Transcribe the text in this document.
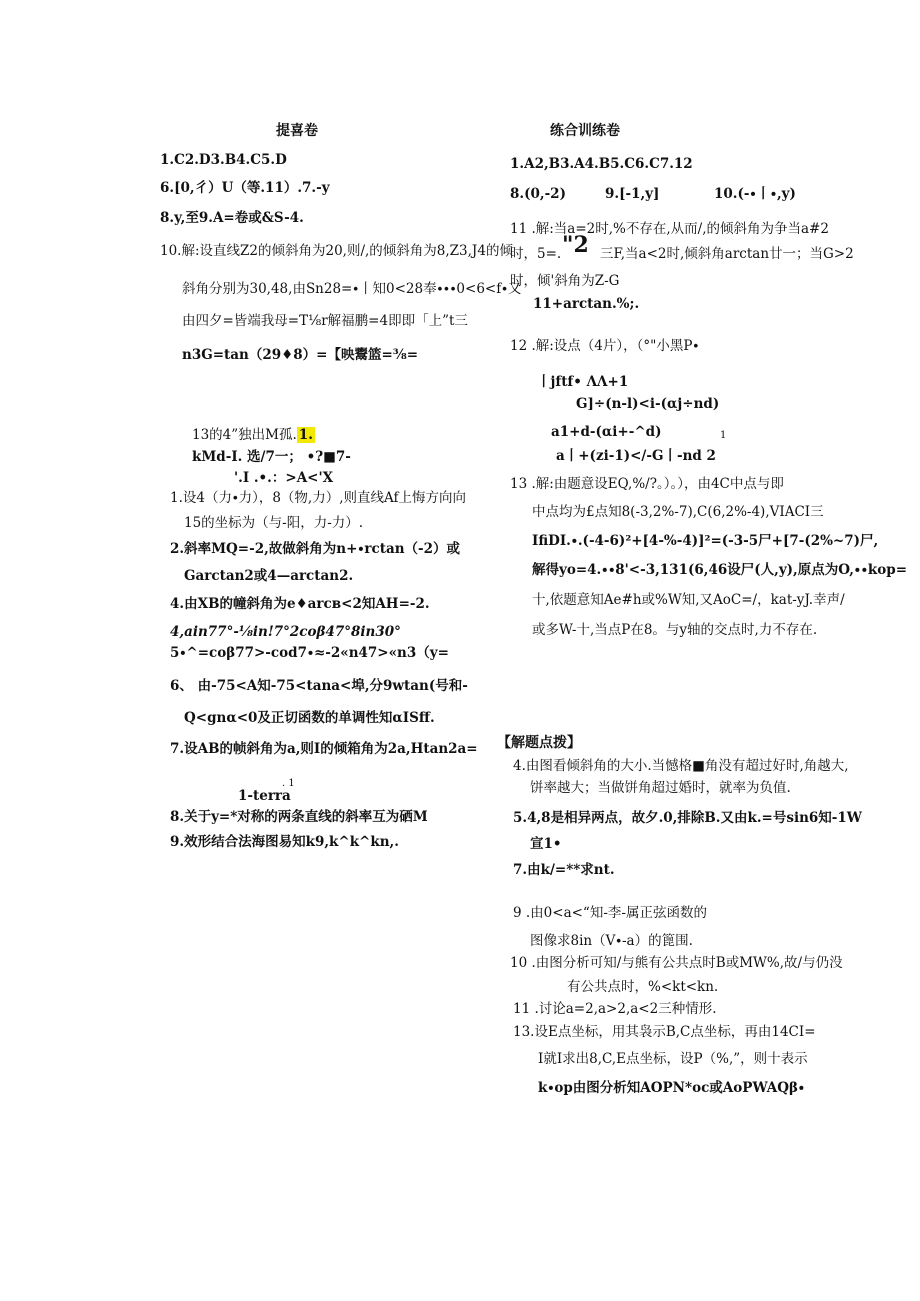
提喜卷
1.C2.D3.B4.C5.D
6.[0,彳）U（等.11）.7.-y
8.y,至9.A=卷或&S-4.
10.解:设直线Z2的倾斜角为20,则/,的倾斜角为8,Z3,J4的倾
斜角分别为30,48,由Sn28=∙丨知0<28奉∙∙∙0<6<f∙又
由四夕=皆端我母=T⅛r解福鹏=4即即「上”t三
n3G=tan（29♦8）=【映鬻篮=⅜=
13的4”独出M孤. 1.
kMd-I. 选/7一； •?■7-
'.I .•.：>A<'X
1.设4（力∙力），8（物,力）,则直线Af上悔方向向
15的坐标为（与-阳，力-力）.
2.斜率MQ=-2,故做斜角为n+∙rctan（-2）或
Garctan2或4—arctan2.
4.由XB的幢斜角为e♦arcв<2知AH=-2.
4,ain77°-⅛in!7°2coβ47°8in30°
5∙^=coβ77>-cod7∙≈-2«n47>«n3（y=
6、 由-75<A知-75<tana<埠,分9wtan(号和-
Q<gnα<0及正切函数的单调性知αISff.
7.设AB的帧斜角为a,则I的倾箱角为2a,Htan2a=
. 1
1-terra
8.关于y=*对称的两条直线的斜率互为硒M
9.效形结合法海图易知k9,k^k^kn,.
练合训练卷
1.A2,B3.A4.B5.C6.C7.12
8.(0,-2)	9.[-1,y]	10.(-∙丨∙,y)
11 .解:当a=2时,%不存在,从而/,的倾斜角为争当a#2
时，5=. "2 三F,当a<2时,倾斜角arctan廿一；当G>2
时，倾'斜角为Z-G
11+arctan.%;.
12 .解:设点（4片），（°"小黑P∙
丨jftf• ΛΛ+1
G]÷(n-l)<i-(αj÷nd)
a1+d-(αi+-^d)	1
a丨+(zi-1)</-G丨-nd 2
13 .解:由题意设EQ,%/?。）。），由4C中点与即
中点均为£点知8(-3,2%-7),C(6,2%-4),VIACI三
IfiDI.∙.(-4-6)²+[4-%-4)]²=(-3-5尸+[7-(2%~7)尸,
解得yo=4.∙∙8'<-3,131(6,46设尸(人,y),原点为O,∙∙kop=
十,依题意知Ae#h或%W知,又AoC=/，kat-yJ.幸声/
或多W-十,当点P在8。与y轴的交点时,力不存在.
【解题点拨】
4.由图看倾斜角的大小.当憾格■角没有超过好时,角越大,
饼率越大；当做饼角超过婚时，就率为负值.
5.4,8是相异两点，故夕.0,排除B.又由k.=号sin6知-1W
宣1•
7.由k/=**求nt.
9 .由0<a<“知-李-属正弦函数的
图像求8in（V∙-a）的篦围.
10 .由图分析可知/与熊有公共点时B或MW%,故/与仍没
有公共点时，%<kt<kn.
11 .讨论a=2,a>2,a<2三种情形.
13.设E点坐标，用其袅示B,C点坐标，再由14CI=
I就I求出8,C,E点坐标，设P（%,”，则十表示
k∙op由图分析知AOPN*oc或AoPWAQβ∙
